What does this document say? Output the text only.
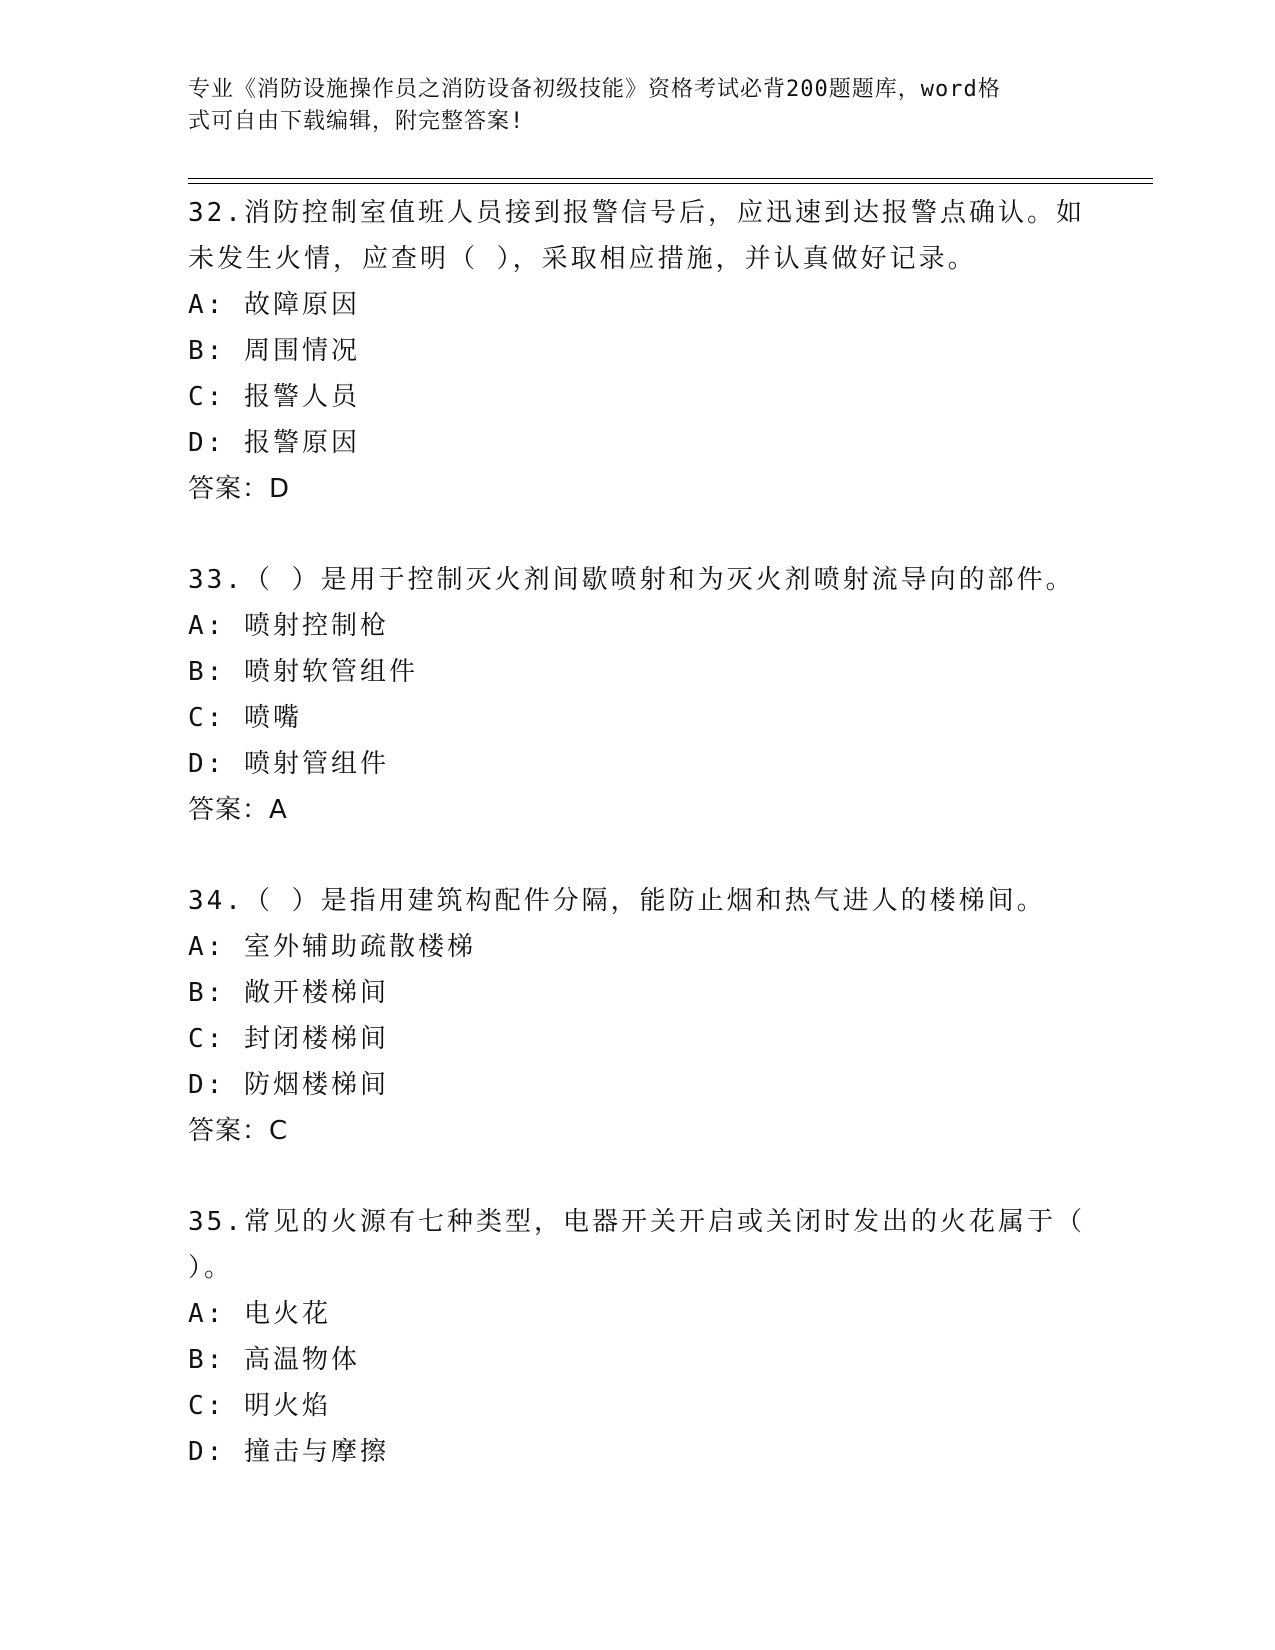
专业《消防设施操作员之消防设备初级技能》资格考试必背200题题库，word格
式可自由下载编辑，附完整答案!

32.消防控制室值班人员接到报警信号后，应迅速到达报警点确认。如

未发生火情，应查明（ ），采取相应措施，并认真做好记录。

A: 故障原因

B: 周围情况

C: 报警人员

D: 报警原因

答案：D

33.（ ）是用于控制灭火剂间歇喷射和为灭火剂喷射流导向的部件。

A: 喷射控制枪

B: 喷射软管组件

C: 喷嘴

D: 喷射管组件

答案：A

34.（ ）是指用建筑构配件分隔，能防止烟和热气进人的楼梯间。

A: 室外辅助疏散楼梯

B: 敞开楼梯间

C: 封闭楼梯间

D: 防烟楼梯间

答案：C

35.常见的火源有七种类型，电器开关开启或关闭时发出的火花属于（

）。

A: 电火花

B: 高温物体

C: 明火焰

D: 撞击与摩擦
